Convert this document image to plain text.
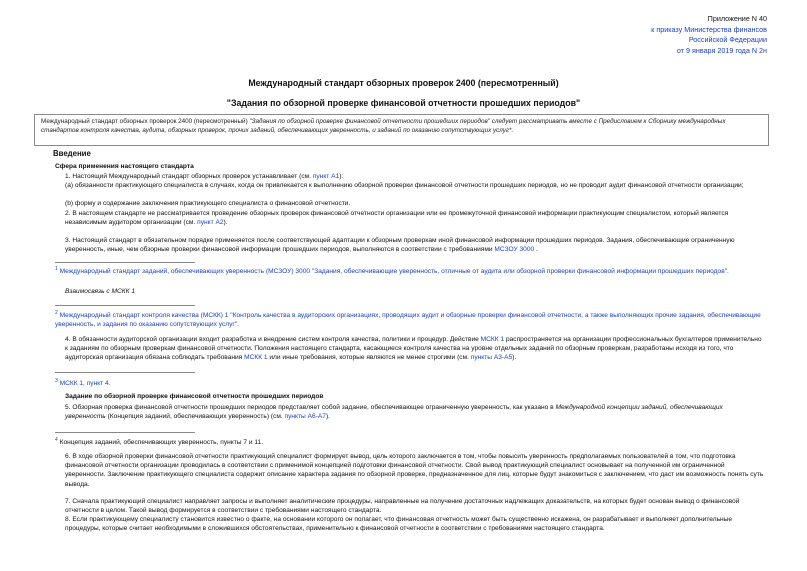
Приложение N 40
к приказу Министерства финансов
Российской Федерации
от 9 января 2019 года N 2н
Международный стандарт обзорных проверок 2400 (пересмотренный)
"Задания по обзорной проверке финансовой отчетности прошедших периодов"
Международный стандарт обзорных проверок 2400 (пересмотренный) "Задания по обзорной проверке финансовой отчетности прошедших периодов" следует рассматривать вместе с Предисловием к Сборнику международных стандартов контроля качества, аудита, обзорных проверок, прочих заданий, обеспечивающих уверенность, и заданий по оказанию сопутствующих услуг*.
Введение
Сфера применения настоящего стандарта
1. Настоящий Международный стандарт обзорных проверок устанавливает (см. пункт A1):
(a) обязанности практикующего специалиста в случаях, когда он привлекается к выполнению обзорной проверки финансовой отчетности прошедших периодов, но не проводит аудит финансовой отчетности организации;
(b) форму и содержание заключения практикующего специалиста о финансовой отчетности.
2. В настоящем стандарте не рассматривается проведение обзорных проверок финансовой отчетности организации или ее промежуточной финансовой информации практикующим специалистом, который является независимым аудитором организации (см. пункт A2).
3. Настоящий стандарт в обязательном порядке применяется после соответствующей адаптации к обзорным проверкам иной финансовой информации прошедших периодов. Задания, обеспечивающие ограниченную уверенность, иные, чем обзорные проверки финансовой информации прошедших периодов, выполняются в соответствии с требованиями МСЗОУ 3000 .
$^1$ Международный стандарт заданий, обеспечивающих уверенность (МСЗОУ) 3000 "Задания, обеспечивающие уверенность, отличные от аудита или обзорной проверки финансовой информации прошедших периодов".
Взаимосвязь с МСКК 1
$^2$ Международный стандарт контроля качества (МСКК) 1 "Контроль качества в аудиторских организациях, проводящих аудит и обзорные проверки финансовой отчетности, а также выполняющих прочие задания, обеспечивающие уверенность, и задания по оказанию сопутствующих услуг".
4. В обязанности аудиторской организации входит разработка и внедрение систем контроля качества, политики и процедур. Действие МСКК 1 распространяется на организации профессиональных бухгалтеров применительно к заданиям по обзорным проверкам финансовой отчетности. Положения настоящего стандарта, касающиеся контроля качества на уровне отдельных заданий по обзорным проверкам, разработаны исходя из того, что аудиторская организация обязана соблюдать требования МСКК 1 или иные требования, которые являются не менее строгими (см. пункты A3-A5).
$^3$ МСКК 1, пункт 4.
Задание по обзорной проверке финансовой отчетности прошедших периодов
5. Обзорная проверка финансовой отчетности прошедших периодов представляет собой задание, обеспечивающее ограниченную уверенность, как указано в Международной концепции заданий, обеспечивающих уверенность (Концепция заданий, обеспечивающих уверенность) (см. пункты A6-A7).
$^4$ Концепция заданий, обеспечивающих уверенность, пункты 7 и 11.
6. В ходе обзорной проверки финансовой отчетности практикующий специалист формирует вывод, цель которого заключается в том, чтобы повысить уверенность предполагаемых пользователей в том, что подготовка финансовой отчетности организации проводилась в соответствии с применимой концепцией подготовки финансовой отчетности. Свой вывод практикующий специалист основывает на полученной им ограниченной уверенности. Заключение практикующего специалиста содержит описание характера задания по обзорной проверке, предназначенное для лиц, которые будут знакомиться с заключением, что даст им возможность понять суть вывода.
7. Сначала практикующий специалист направляет запросы и выполняет аналитические процедуры, направленные на получение достаточных надлежащих доказательств, на которых будет основан вывод о финансовой отчетности в целом. Такой вывод формируется в соответствии с требованиями настоящего стандарта.
8. Если практикующему специалисту становится известно о факте, на основании которого он полагает, что финансовая отчетность может быть существенно искажена, он разрабатывает и выполняет дополнительные процедуры, которые считает необходимыми в сложившихся обстоятельствах, применительно к финансовой отчетности в соответствии с требованиями настоящего стандарта.
